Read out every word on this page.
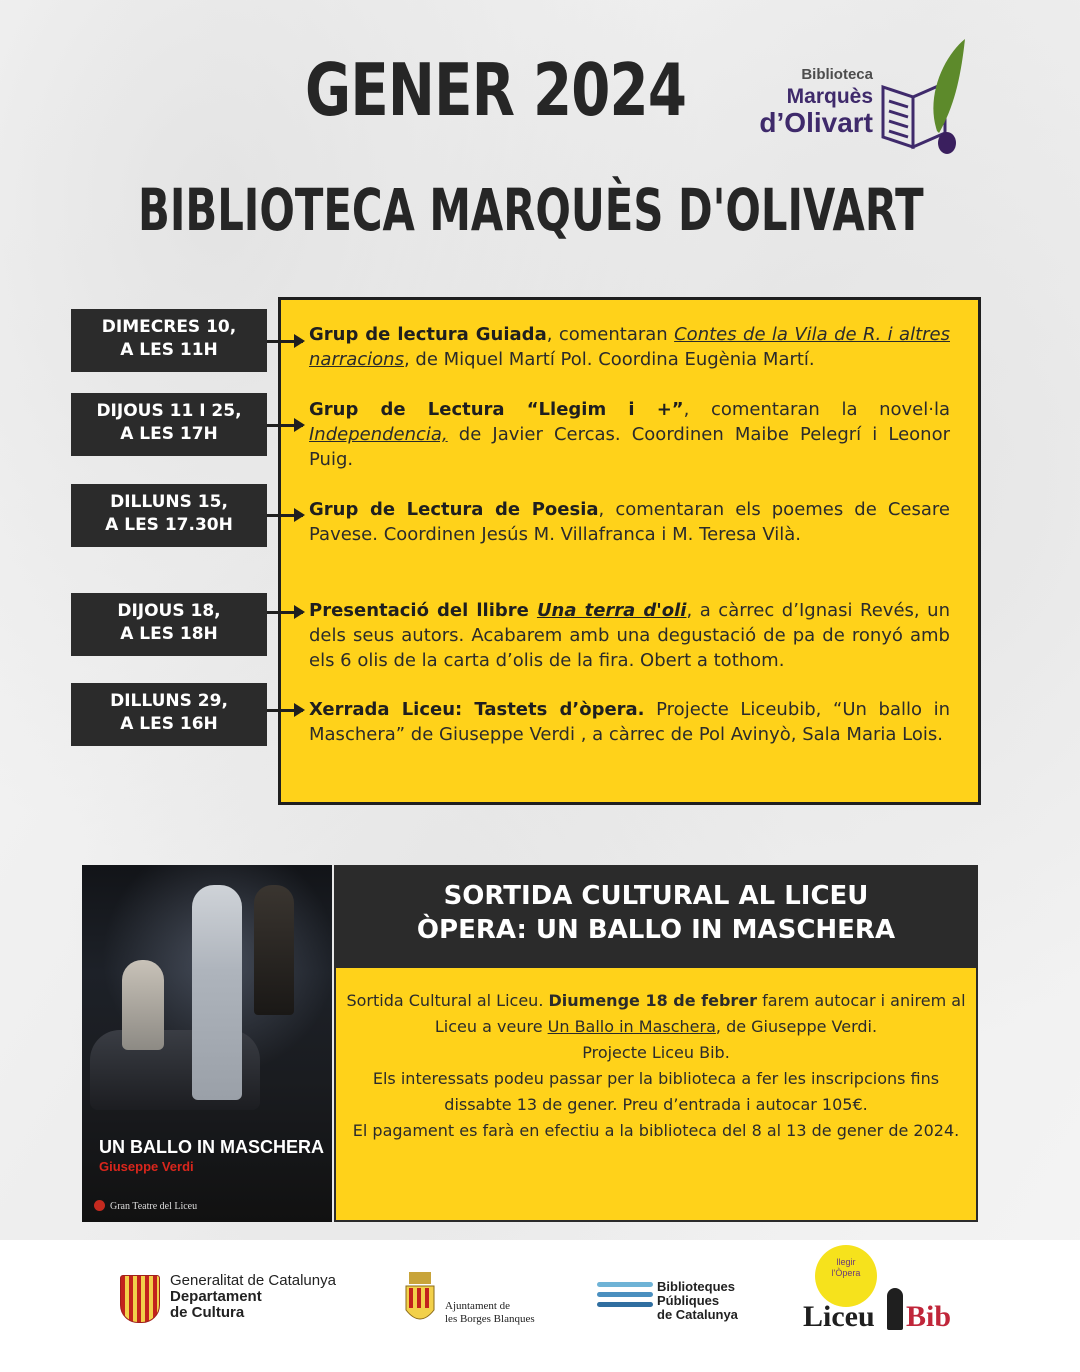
GENER 2024
BIBLIOTECA MARQUÈS D'OLIVART
Biblioteca
Marquès
d’Olivart
DIMECRES 10,
A LES 11H
Grup de lectura Guiada, comentaran Contes de la Vila de R. i altres narracions, de Miquel Martí Pol. Coordina Eugènia Martí.
DIJOUS 11 I 25,
A LES 17H
Grup de Lectura “Llegim i +”, comentaran la novel·la Independencia, de Javier Cercas. Coordinen Maibe Pelegrí i Leonor Puig.
DILLUNS 15,
A LES 17.30H
Grup de Lectura de Poesia, comentaran els poemes de Cesare Pavese. Coordinen Jesús M. Villafranca i M. Teresa Vilà.
DIJOUS 18,
A LES 18H
Presentació del llibre Una terra d'oli, a càrrec d’Ignasi Revés, un dels seus autors. Acabarem amb una degustació de pa de ronyó amb els 6 olis de la carta d’olis de la fira. Obert a tothom.
DILLUNS 29,
A LES 16H
Xerrada Liceu: Tastets d’òpera. Projecte Liceubib, “Un ballo in Maschera” de Giuseppe Verdi , a càrrec de Pol Avinyò, Sala Maria Lois.
UN BALLO IN MASCHERA
Giuseppe Verdi
Gran Teatre del Liceu
SORTIDA CULTURAL AL LICEU
ÒPERA: UN BALLO IN MASCHERA

Sortida Cultural al Liceu. Diumenge 18 de febrer farem autocar i anirem al Liceu a veure Un Ballo in Maschera, de Giuseppe Verdi.

Projecte Liceu Bib.

Els interessats podeu passar per la biblioteca a fer les inscripcions fins dissabte 13 de gener. Preu d’entrada i autocar 105€.

El pagament es farà en efectiu a la biblioteca del 8 al 13 de gener de 2024.

Generalitat de Catalunya
Departament
de Cultura	Ajuntament de
les Borges Blanques
Biblioteques
Públiques
de Catalunya
llegir
l'Òpera
Liceu Bib
